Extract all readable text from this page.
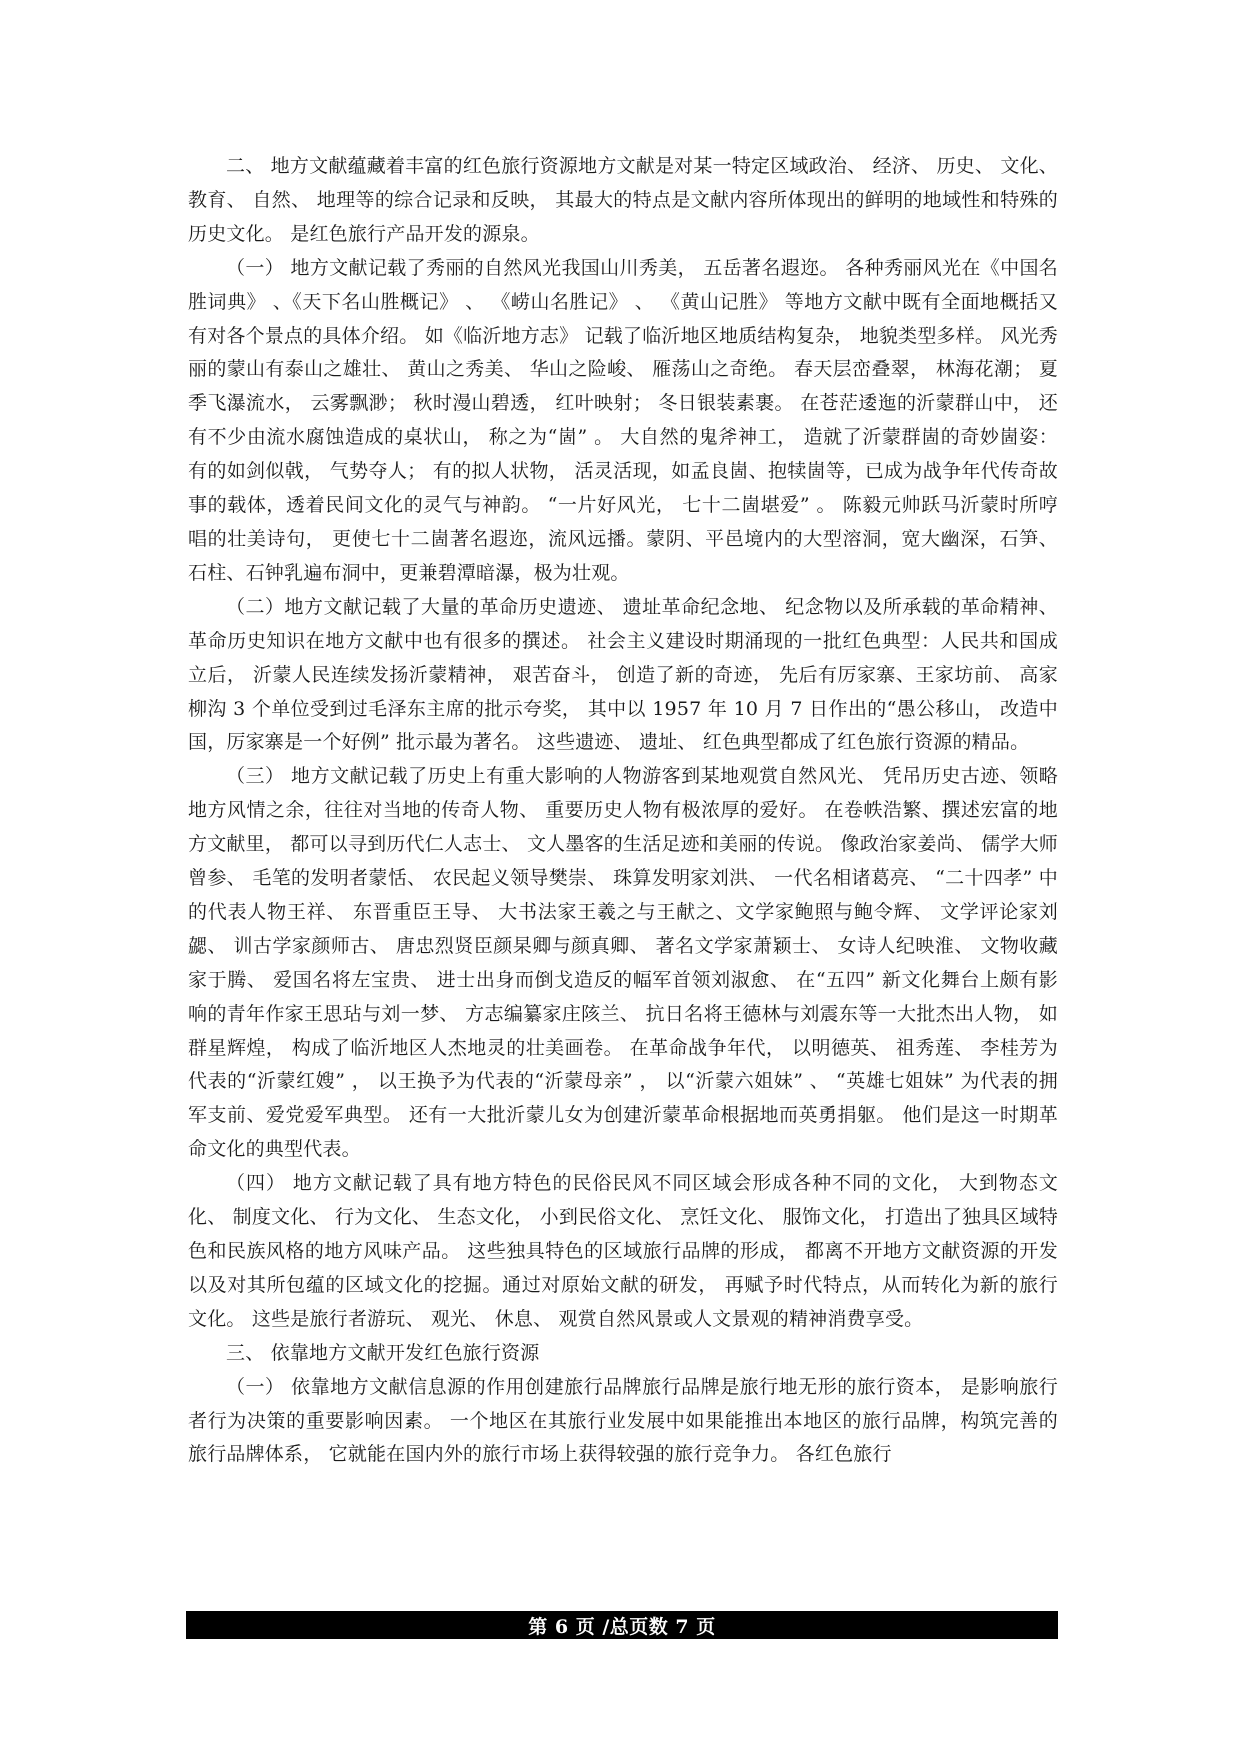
二、 地方文献蕴藏着丰富的红色旅行资源地方文献是对某一特定区域政治、 经济、 历史、 文化、 教育、 自然、 地理等的综合记录和反映， 其最大的特点是文献内容所体现出的鲜明的地域性和特殊的历史文化。 是红色旅行产品开发的源泉。

（一） 地方文献记载了秀丽的自然风光我国山川秀美， 五岳著名遐迩。 各种秀丽风光在《中国名胜词典》 、《天下名山胜概记》 、 《崂山名胜记》 、 《黄山记胜》 等地方文献中既有全面地概括又有对各个景点的具体介绍。 如《临沂地方志》 记载了临沂地区地质结构复杂， 地貌类型多样。 风光秀丽的蒙山有泰山之雄壮、 黄山之秀美、 华山之险峻、 雁荡山之奇绝。 春天层峦叠翠， 林海花潮； 夏季飞瀑流水， 云雾飘渺； 秋时漫山碧透， 红叶映射； 冬日银装素裹。 在苍茫逶迤的沂蒙群山中， 还有不少由流水腐蚀造成的桌状山， 称之为“崮” 。 大自然的鬼斧神工， 造就了沂蒙群崮的奇妙崮姿： 有的如剑似戟， 气势夺人； 有的拟人状物， 活灵活现，如孟良崮、抱犊崮等，已成为战争年代传奇故事的载体，透着民间文化的灵气与神韵。 “一片好风光， 七十二崮堪爱” 。 陈毅元帅跃马沂蒙时所哼唱的壮美诗句， 更使七十二崮著名遐迩，流风远播。蒙阴、平邑境内的大型溶洞，宽大幽深，石笋、石柱、石钟乳遍布洞中，更兼碧潭暗瀑，极为壮观。

（二）地方文献记载了大量的革命历史遗迹、 遗址革命纪念地、 纪念物以及所承载的革命精神、 革命历史知识在地方文献中也有很多的撰述。 社会主义建设时期涌现的一批红色典型：人民共和国成立后， 沂蒙人民连续发扬沂蒙精神， 艰苦奋斗， 创造了新的奇迹， 先后有厉家寨、王家坊前、 高家柳沟 3 个单位受到过毛泽东主席的批示夸奖， 其中以 1957 年 10 月 7 日作出的“愚公移山， 改造中国，厉家寨是一个好例” 批示最为著名。 这些遗迹、 遗址、 红色典型都成了红色旅行资源的精品。

（三） 地方文献记载了历史上有重大影响的人物游客到某地观赏自然风光、 凭吊历史古迹、领略地方风情之余，往往对当地的传奇人物、 重要历史人物有极浓厚的爱好。 在卷帙浩繁、撰述宏富的地方文献里， 都可以寻到历代仁人志士、 文人墨客的生活足迹和美丽的传说。 像政治家姜尚、 儒学大师曾参、 毛笔的发明者蒙恬、 农民起义领导樊崇、 珠算发明家刘洪、 一代名相诸葛亮、 “二十四孝” 中的代表人物王祥、 东晋重臣王导、 大书法家王羲之与王献之、文学家鲍照与鲍令辉、 文学评论家刘勰、 训古学家颜师古、 唐忠烈贤臣颜杲卿与颜真卿、 著名文学家萧颖士、 女诗人纪映淮、 文物收藏家于腾、 爱国名将左宝贵、 进士出身而倒戈造反的幅军首领刘淑愈、 在“五四” 新文化舞台上颇有影响的青年作家王思玷与刘一梦、 方志编纂家庄陔兰、 抗日名将王德林与刘震东等一大批杰出人物， 如群星辉煌， 构成了临沂地区人杰地灵的壮美画卷。 在革命战争年代， 以明德英、 祖秀莲、 李桂芳为代表的“沂蒙红嫂” ， 以王换予为代表的“沂蒙母亲” ， 以“沂蒙六姐妹” 、 “英雄七姐妹” 为代表的拥军支前、爱党爱军典型。 还有一大批沂蒙儿女为创建沂蒙革命根据地而英勇捐躯。 他们是这一时期革命文化的典型代表。

（四） 地方文献记载了具有地方特色的民俗民风不同区域会形成各种不同的文化， 大到物态文化、 制度文化、 行为文化、 生态文化， 小到民俗文化、 烹饪文化、 服饰文化， 打造出了独具区域特色和民族风格的地方风味产品。 这些独具特色的区域旅行品牌的形成， 都离不开地方文献资源的开发以及对其所包蕴的区域文化的挖掘。通过对原始文献的研发， 再赋予时代特点，从而转化为新的旅行文化。 这些是旅行者游玩、 观光、 休息、 观赏自然风景或人文景观的精神消费享受。

三、 依靠地方文献开发红色旅行资源

（一） 依靠地方文献信息源的作用创建旅行品牌旅行品牌是旅行地无形的旅行资本， 是影响旅行者行为决策的重要影响因素。 一个地区在其旅行业发展中如果能推出本地区的旅行品牌，构筑完善的旅行品牌体系， 它就能在国内外的旅行市场上获得较强的旅行竞争力。 各红色旅行

第 6 页 /总页数 7 页
